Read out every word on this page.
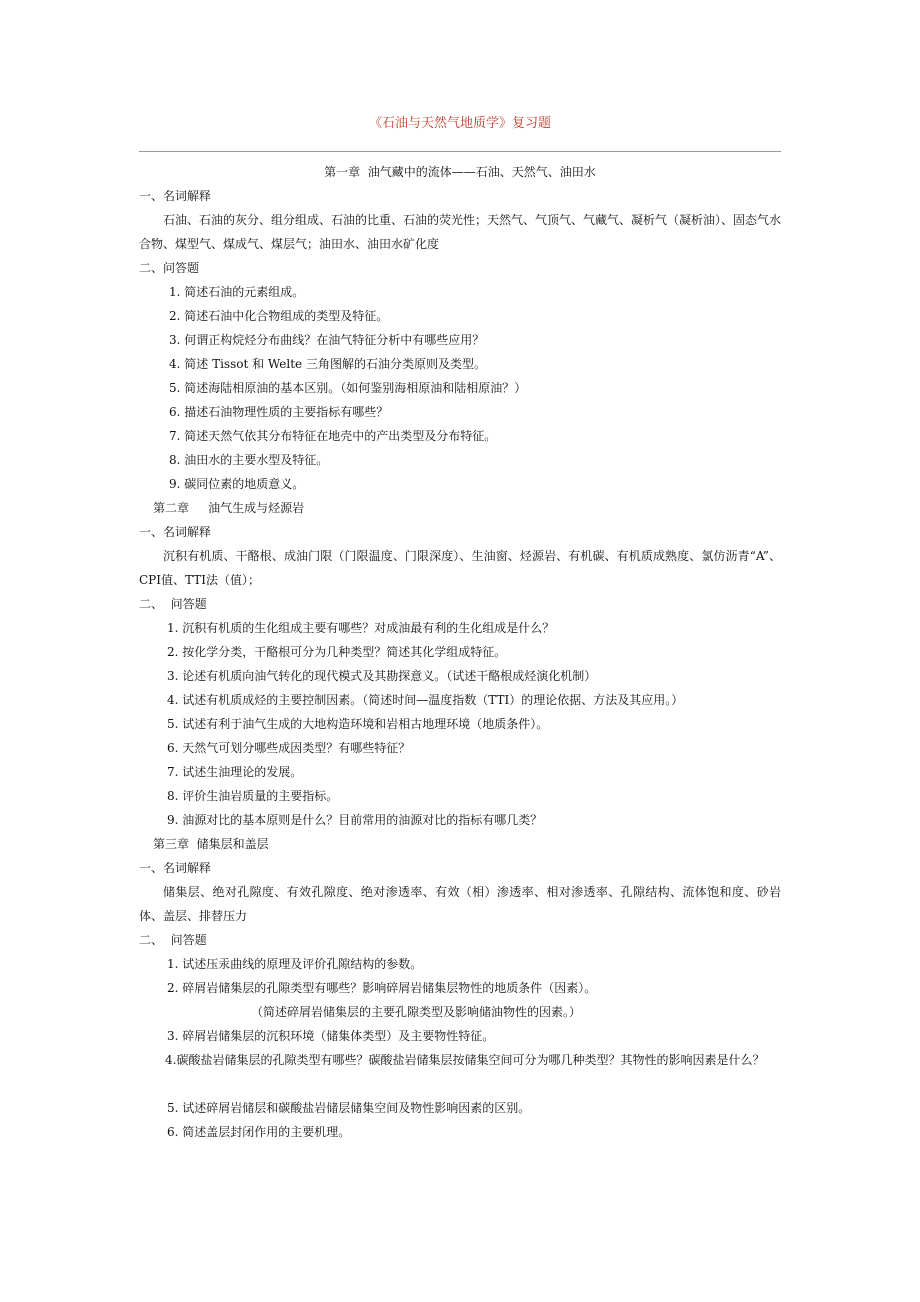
《石油与天然气地质学》复习题
第一章  油气藏中的流体——石油、天然气、油田水
一、名词解释
石油、石油的灰分、组分组成、石油的比重、石油的荧光性；天然气、气顶气、气藏气、凝析气（凝析油）、固态气水合物、煤型气、煤成气、煤层气；油田水、油田水矿化度
二、问答题
1. 简述石油的元素组成。
2. 简述石油中化合物组成的类型及特征。
3. 何谓正构烷烃分布曲线？在油气特征分析中有哪些应用？
4. 简述 Tissot 和 Welte 三角图解的石油分类原则及类型。
5. 简述海陆相原油的基本区别。（如何鉴别海相原油和陆相原油？）
6. 描述石油物理性质的主要指标有哪些？
7. 简述天然气依其分布特征在地壳中的产出类型及分布特征。
8. 油田水的主要水型及特征。
9. 碳同位素的地质意义。
第二章     油气生成与烃源岩
一、名词解释
沉积有机质、干酪根、成油门限（门限温度、门限深度）、生油窗、烃源岩、有机碳、有机质成熟度、氯仿沥青“A”、CPI值、TTI法（值）；
二、  问答题
1. 沉积有机质的生化组成主要有哪些？对成油最有利的生化组成是什么？
2. 按化学分类，干酪根可分为几种类型？简述其化学组成特征。
3. 论述有机质向油气转化的现代模式及其勘探意义。（试述干酪根成烃演化机制）
4. 试述有机质成烃的主要控制因素。（简述时间—温度指数（TTI）的理论依据、方法及其应用。）
5. 试述有利于油气生成的大地构造环境和岩相古地理环境（地质条件）。
6. 天然气可划分哪些成因类型？有哪些特征？
7. 试述生油理论的发展。
8. 评价生油岩质量的主要指标。
9. 油源对比的基本原则是什么？目前常用的油源对比的指标有哪几类？
第三章  储集层和盖层
一、名词解释
储集层、绝对孔隙度、有效孔隙度、绝对渗透率、有效（相）渗透率、相对渗透率、孔隙结构、流体饱和度、砂岩体、盖层、排替压力
二、  问答题
1. 试述压汞曲线的原理及评价孔隙结构的参数。
2. 碎屑岩储集层的孔隙类型有哪些？影响碎屑岩储集层物性的地质条件（因素）。
（简述碎屑岩储集层的主要孔隙类型及影响储油物性的因素。）
3. 碎屑岩储集层的沉积环境（储集体类型）及主要物性特征。
4.碳酸盐岩储集层的孔隙类型有哪些？碳酸盐岩储集层按储集空间可分为哪几种类型？其物性的影响因素是什么？
5. 试述碎屑岩储层和碳酸盐岩储层储集空间及物性影响因素的区别。
6. 简述盖层封闭作用的主要机理。
